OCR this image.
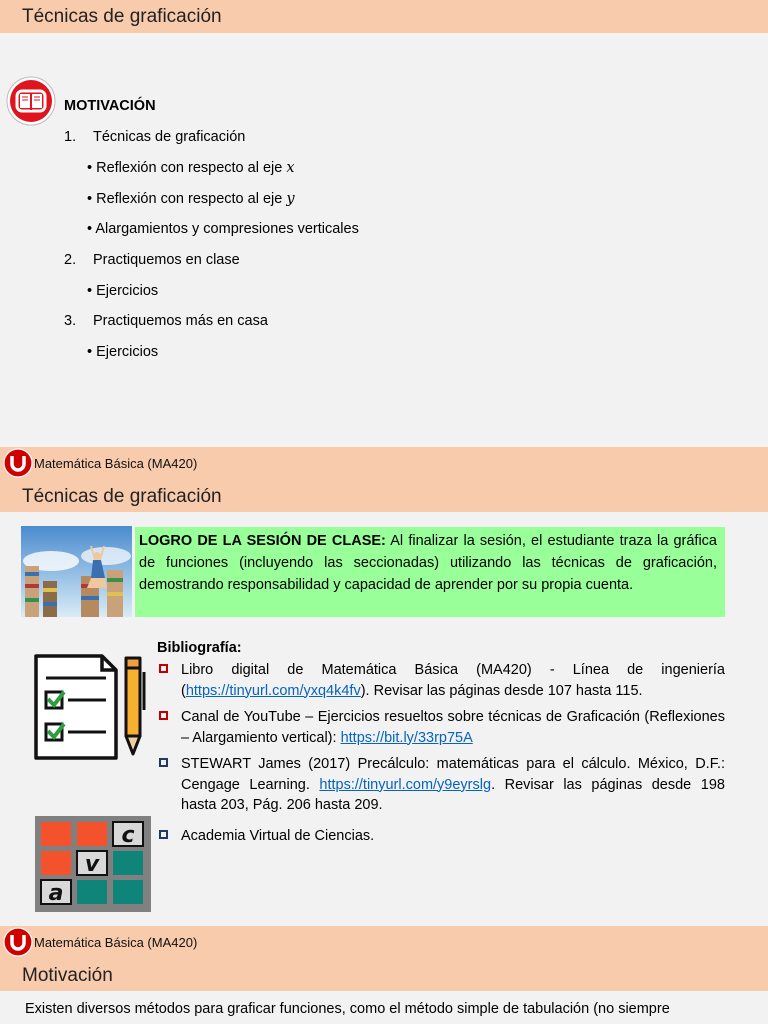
Técnicas de graficación
MOTIVACIÓN
1. Técnicas de graficación
• Reflexión con respecto al eje x
• Reflexión con respecto al eje y
• Alargamientos y compresiones verticales
2. Practiquemos en clase
• Ejercicios
3. Practiquemos más en casa
• Ejercicios
Matemática Básica (MA420)
Técnicas de graficación

LOGRO DE LA SESIÓN DE CLASE: Al finalizar la sesión, el estudiante traza la gráfica de funciones (incluyendo las seccionadas) utilizando las técnicas de graficación, demostrando responsabilidad y capacidad de aprender por su propia cuenta.

c
v
a
Bibliografía:
Libro digital de Matemática Básica (MA420) - Línea de ingeniería (https://tinyurl.com/yxq4k4fv). Revisar las páginas desde 107 hasta 115.
Canal de YouTube – Ejercicios resueltos sobre técnicas de Graficación (Reflexiones – Alargamiento vertical): https://bit.ly/33rp75A
STEWART James (2017) Precálculo: matemáticas para el cálculo. México, D.F.: Cengage Learning. https://tinyurl.com/y9eyrslg. Revisar las páginas desde 198 hasta 203, Pág. 206 hasta 209.
Academia Virtual de Ciencias.
Matemática Básica (MA420)
Motivación
Existen diversos métodos para graficar funciones, como el método simple de tabulación (no siempre
